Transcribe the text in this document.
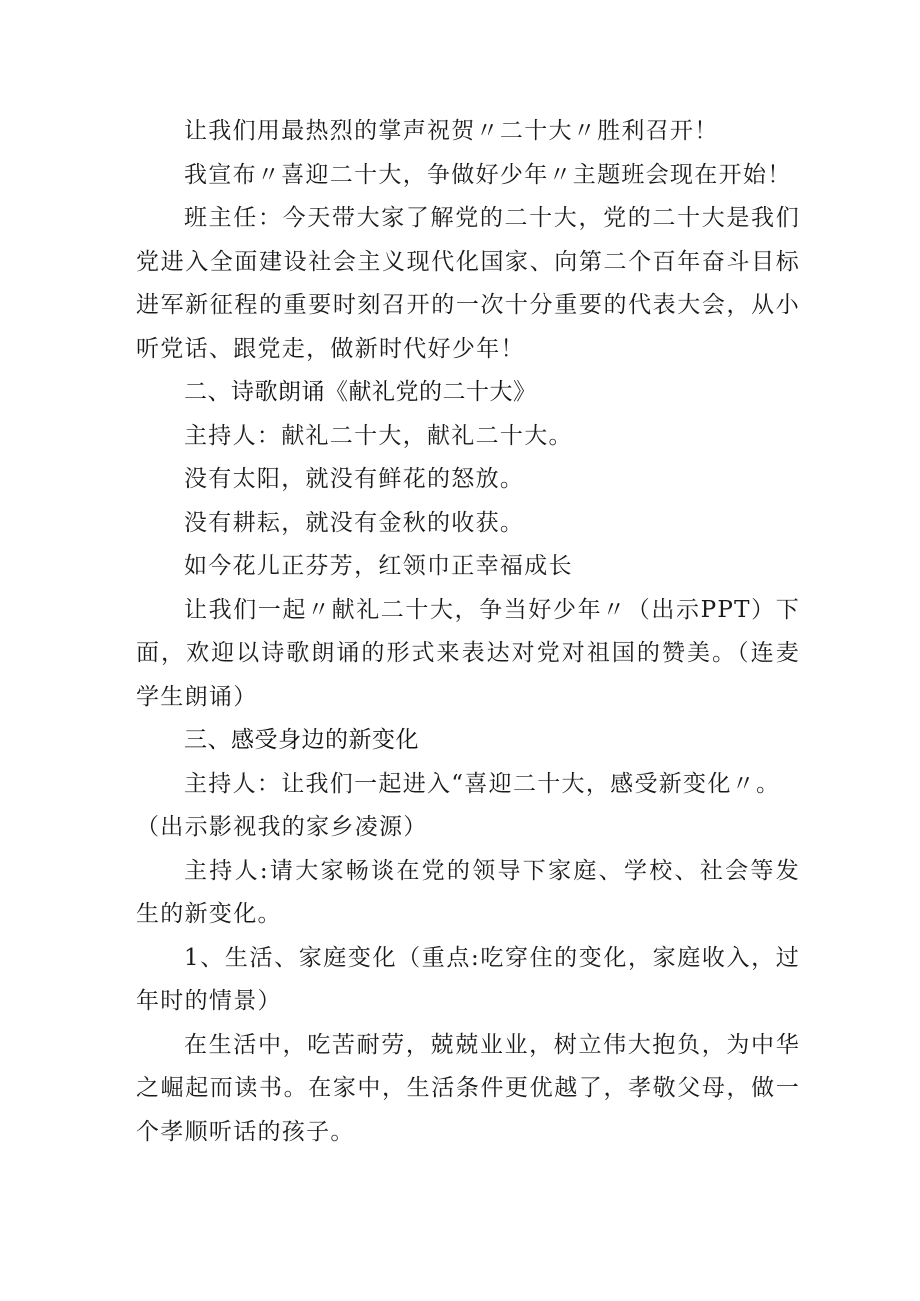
让我们用最热烈的掌声祝贺〃二十大〃胜利召开！

我宣布〃喜迎二十大，争做好少年〃主题班会现在开始！

班主任：今天带大家了解党的二十大，党的二十大是我们党进入全面建设社会主义现代化国家、向第二个百年奋斗目标进军新征程的重要时刻召开的一次十分重要的代表大会，从小听党话、跟党走，做新时代好少年！

二、诗歌朗诵《献礼党的二十大》

主持人：献礼二十大，献礼二十大。

没有太阳，就没有鲜花的怒放。

没有耕耘，就没有金秋的收获。

如今花儿正芬芳，红领巾正幸福成长

让我们一起〃献礼二十大，争当好少年〃（出示PPT）下面，欢迎以诗歌朗诵的形式来表达对党对祖国的赞美。（连麦学生朗诵）

三、感受身边的新变化

主持人：让我们一起进入“喜迎二十大，感受新变化〃。

（出示影视我的家乡凌源）

主持人:请大家畅谈在党的领导下家庭、学校、社会等发生的新变化。

1、生活、家庭变化（重点:吃穿住的变化，家庭收入，过年时的情景）

在生活中，吃苦耐劳，兢兢业业，树立伟大抱负，为中华之崛起而读书。在家中，生活条件更优越了，孝敬父母，做一个孝顺听话的孩子。
